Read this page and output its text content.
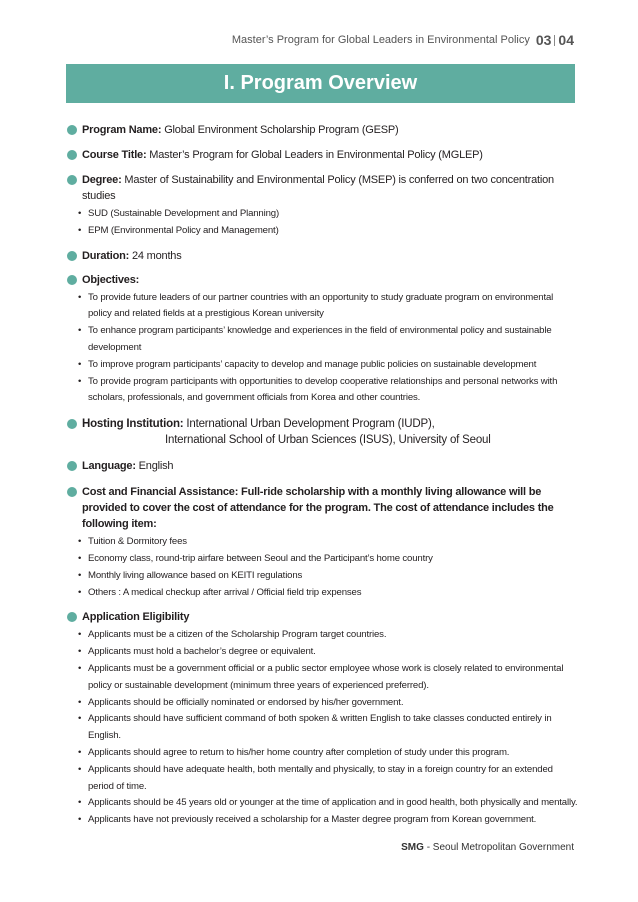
Master’s Program for Global Leaders in Environmental Policy 03 04
I. Program Overview
Program Name: Global Environment Scholarship Program (GESP)
Course Title: Master’s Program for Global Leaders in Environmental Policy (MGLEP)
Degree: Master of Sustainability and Environmental Policy (MSEP) is conferred on two concentration studies
• SUD (Sustainable Development and Planning)
• EPM (Environmental Policy and Management)
Duration: 24 months
Objectives:
• To provide future leaders of our partner countries with an opportunity to study graduate program on environmental policy and related fields at a prestigious Korean university
• To enhance program participants’ knowledge and experiences in the field of environmental policy and sustainable development
• To improve program participants’ capacity to develop and manage public policies on sustainable development
• To provide program participants with opportunities to develop cooperative relationships and personal networks with scholars, professionals, and government officials from Korea and other countries.
Hosting Institution: International Urban Development Program (IUDP),
International School of Urban Sciences (ISUS), University of Seoul
Language: English
Cost and Financial Assistance: Full-ride scholarship with a monthly living allowance will be provided to cover the cost of attendance for the program. The cost of attendance includes the following item:
• Tuition & Dormitory fees
• Economy class, round-trip airfare between Seoul and the Participant’s home country
• Monthly living allowance based on KEITI regulations
• Others : A medical checkup after arrival / Official field trip expenses
Application Eligibility
• Applicants must be a citizen of the Scholarship Program target countries.
• Applicants must hold a bachelor’s degree or equivalent.
• Applicants must be a government official or a public sector employee whose work is closely related to environmental policy or sustainable development (minimum three years of experienced preferred).
• Applicants should be officially nominated or endorsed by his/her government.
• Applicants should have sufficient command of both spoken & written English to take classes conducted entirely in English.
• Applicants should agree to return to his/her home country after completion of study under this program.
• Applicants should have adequate health, both mentally and physically, to stay in a foreign country for an extended period of time.
• Applicants should be 45 years old or younger at the time of application and in good health, both physically and mentally.
• Applicants have not previously received a scholarship for a Master degree program from Korean government.
SMG - Seoul Metropolitan Government
